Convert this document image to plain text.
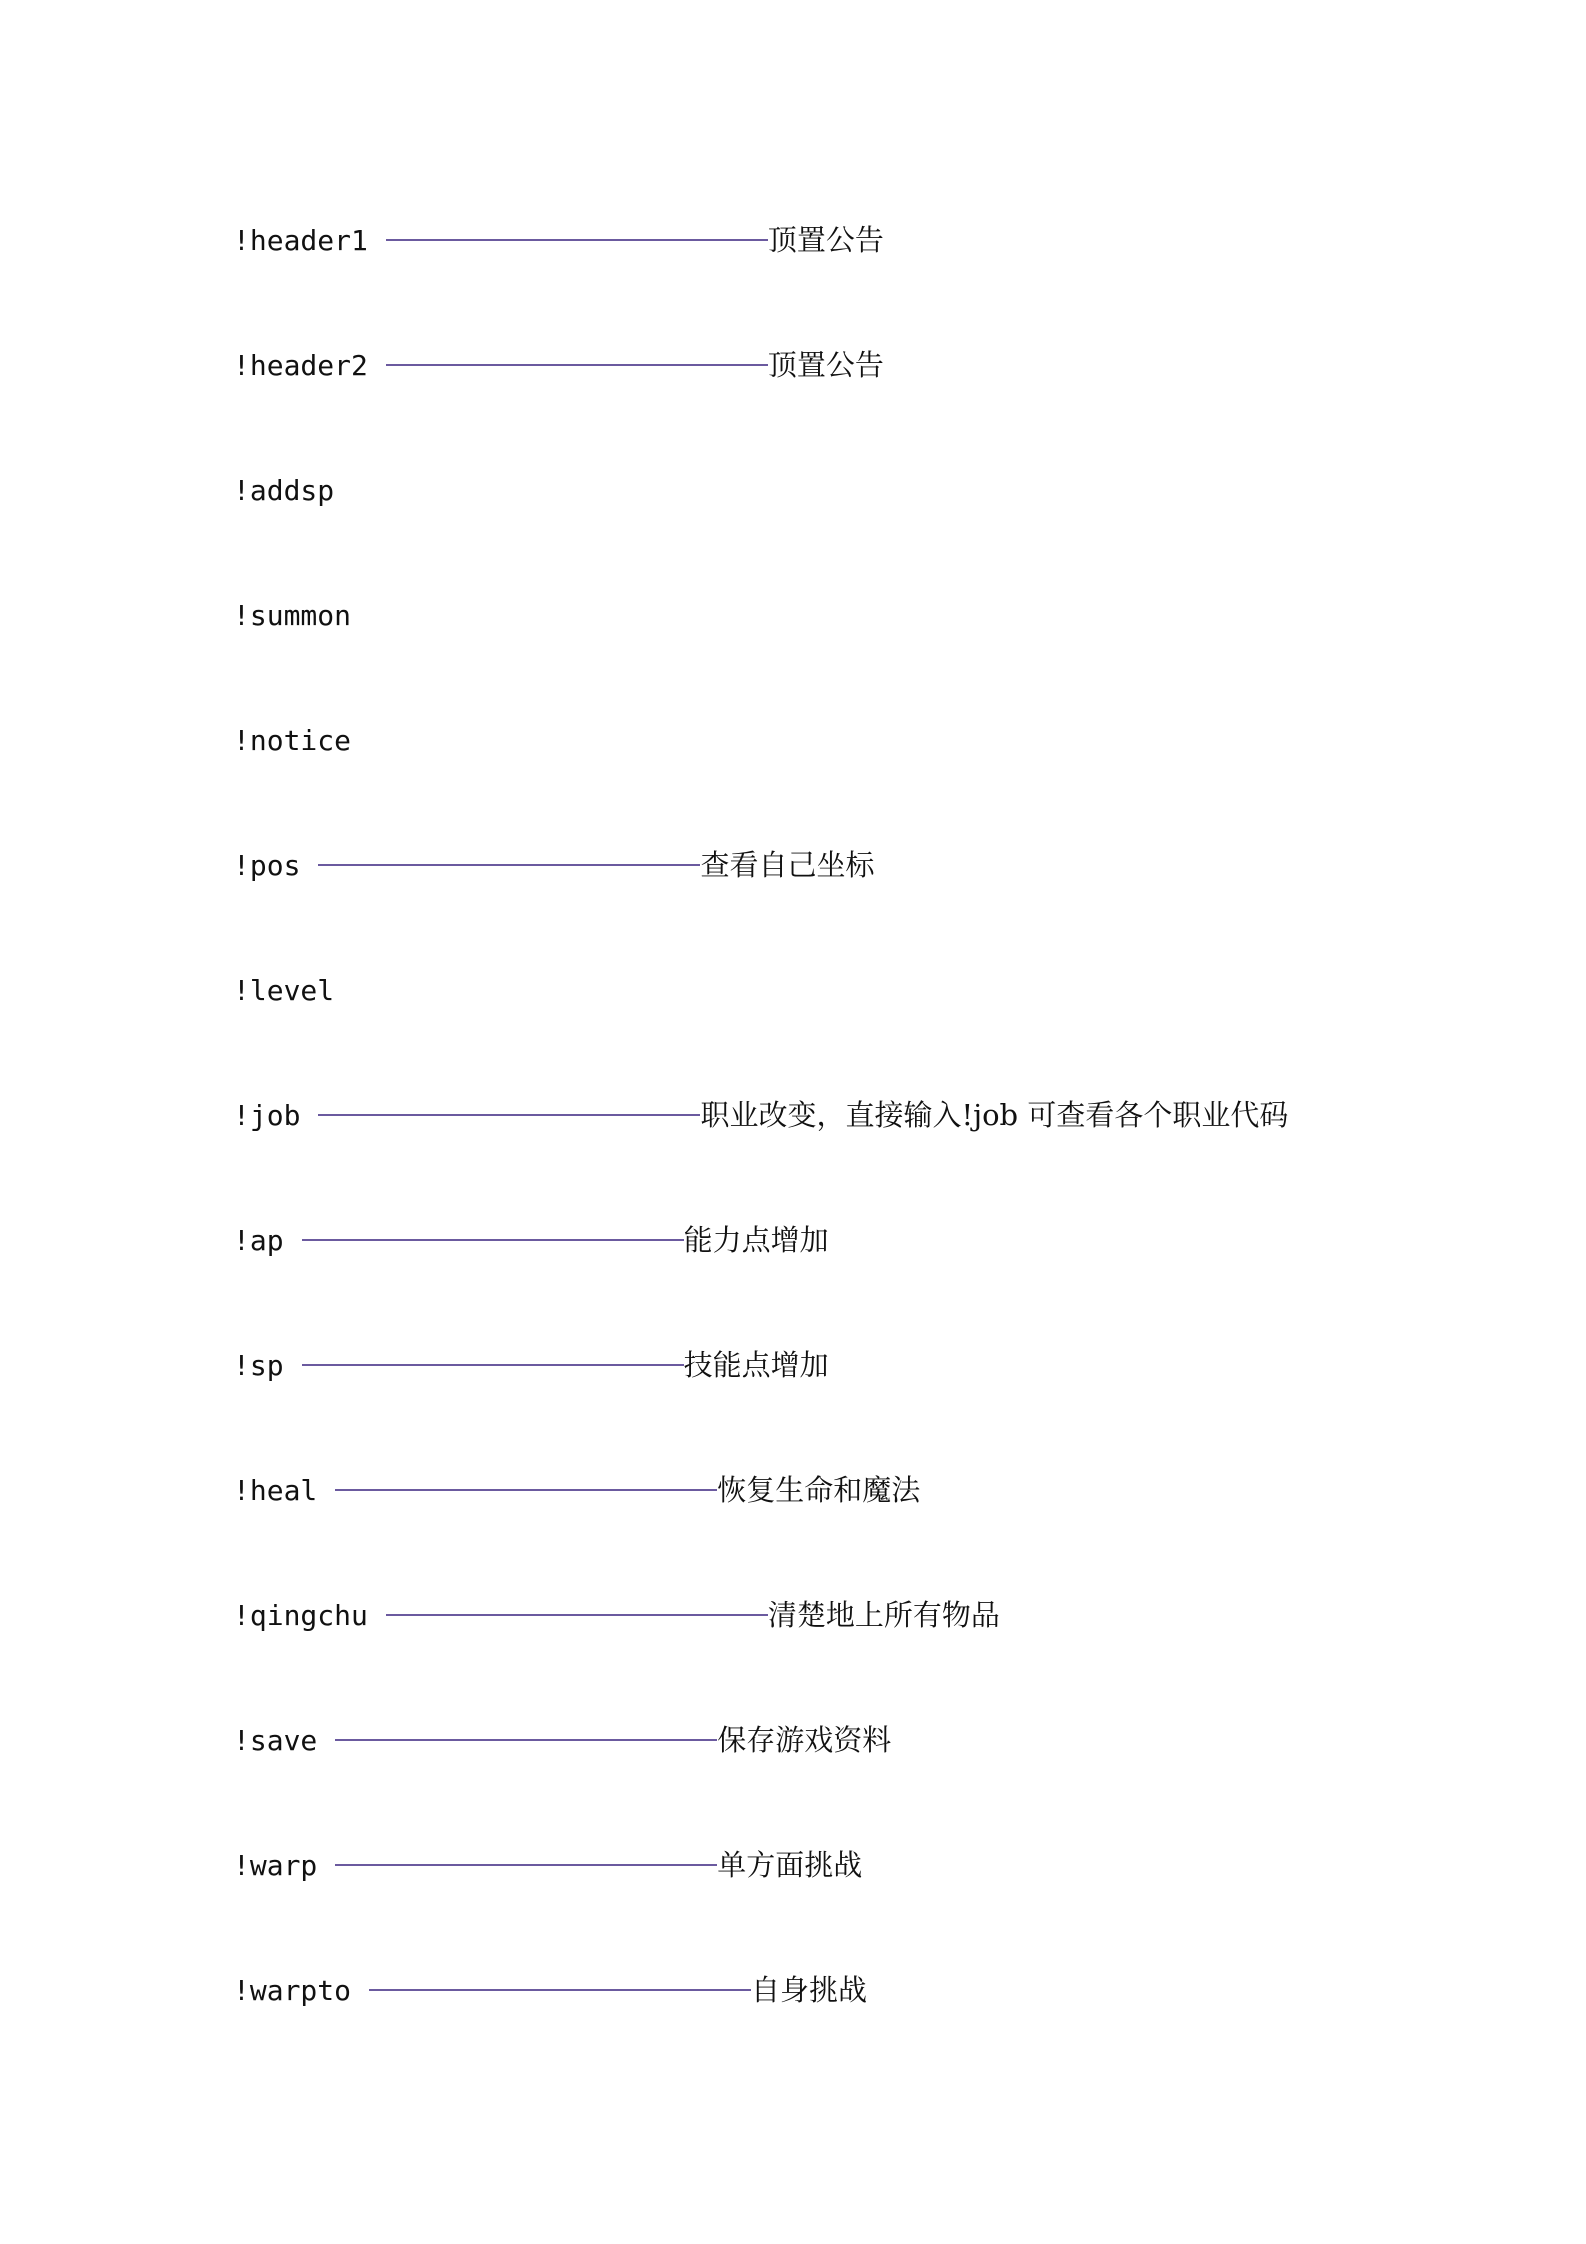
!header1	顶置公告
!header2	顶置公告
!addsp
!summon
!notice
!pos	查看自己坐标
!level
!job	职业改变，直接输入!job 可查看各个职业代码
!ap	能力点增加
!sp	技能点增加
!heal	恢复生命和魔法
!qingchu	清楚地上所有物品
!save	保存游戏资料
!warp	单方面挑战
!warpto	自身挑战
